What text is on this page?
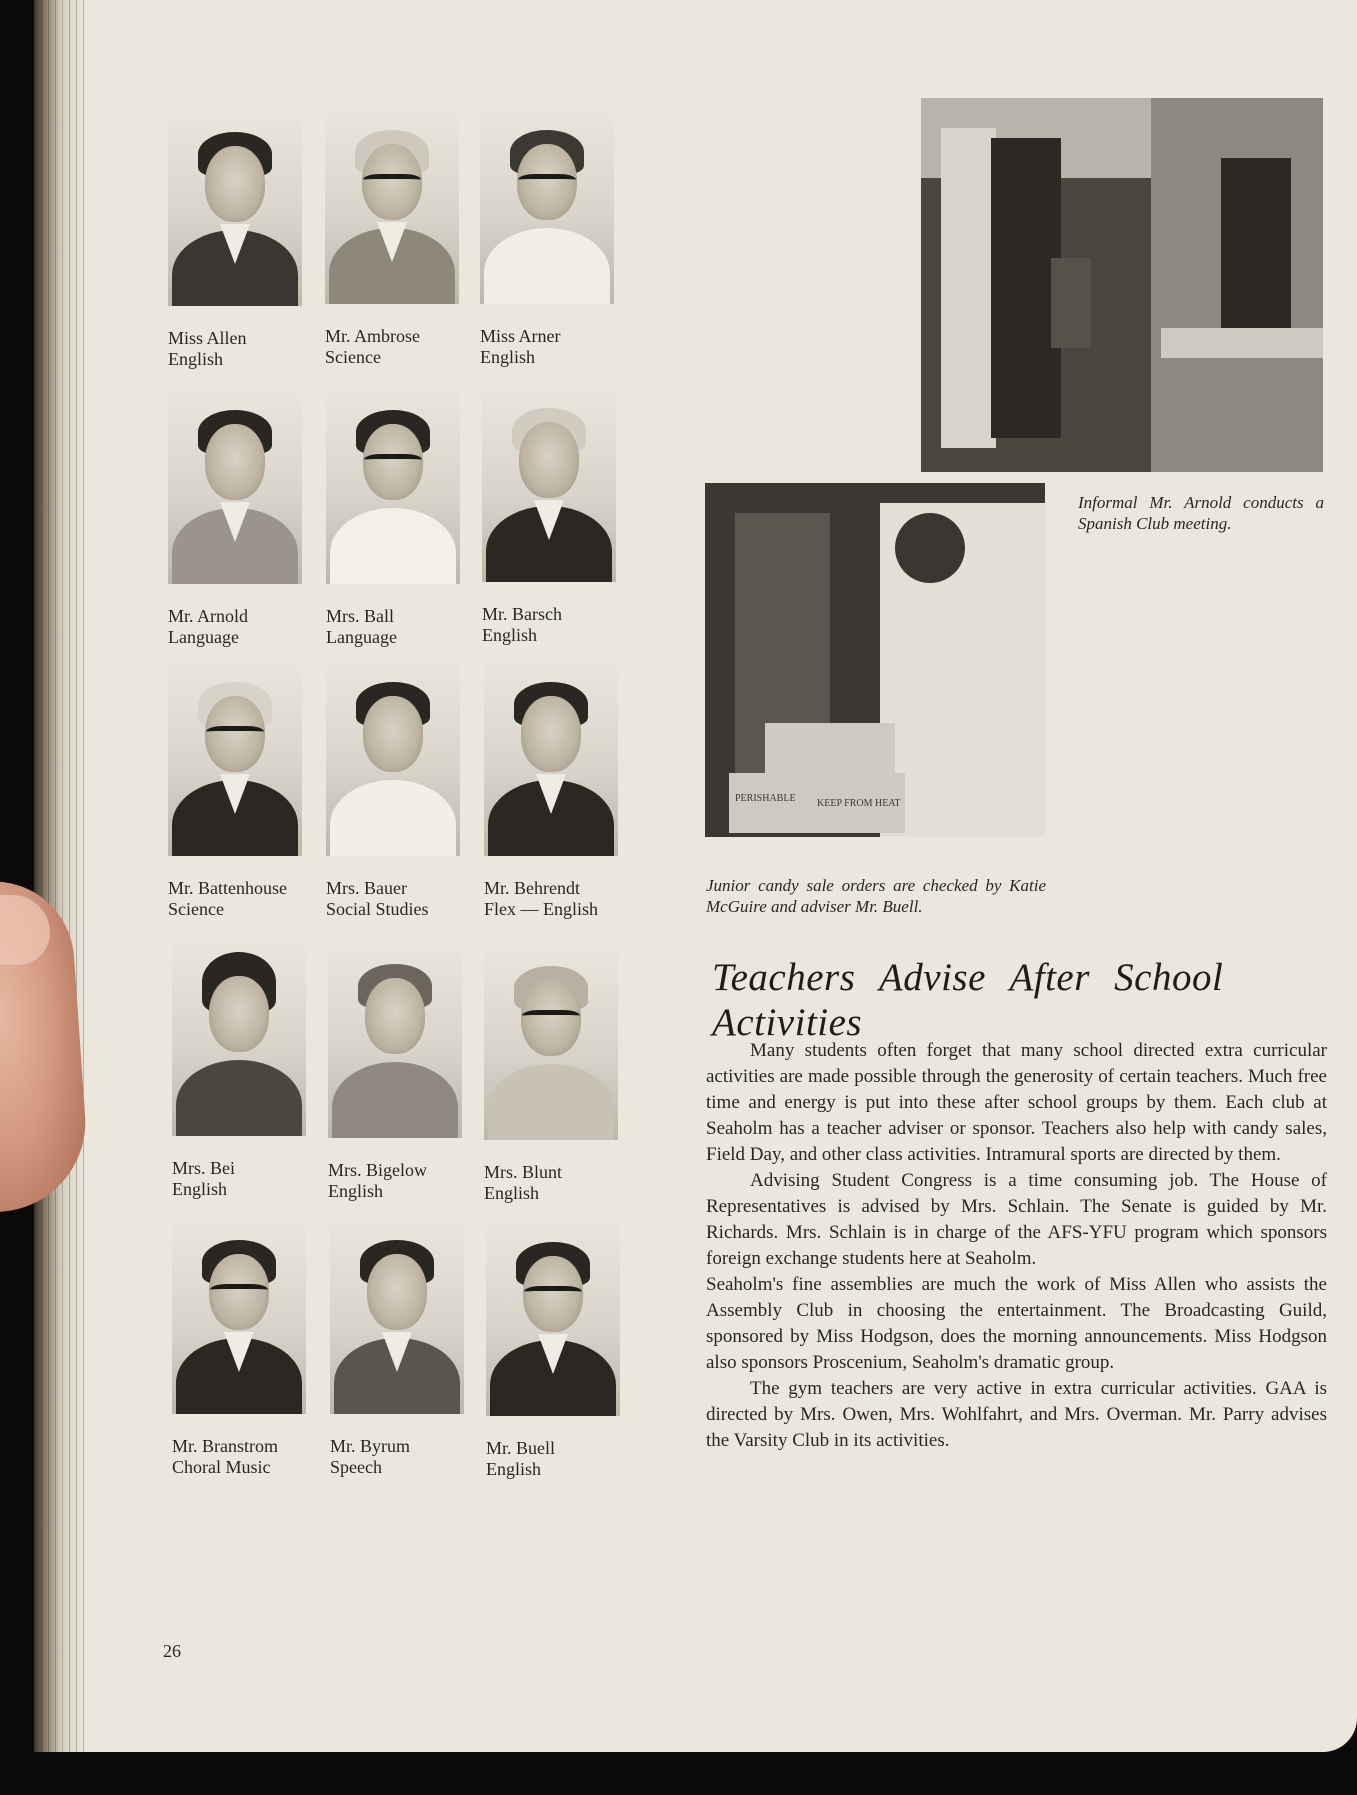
Miss Allen
English
Mr. Ambrose
Science
Miss Arner
English
Mr. Arnold
Language
Mrs. Ball
Language
Mr. Barsch
English
Mr. Battenhouse
Science
Mrs. Bauer
Social Studies
Mr. Behrendt
Flex — English
Mrs. Bei
English
Mrs. Bigelow
English
Mrs. Blunt
English
Mr. Branstrom
Choral Music
Mr. Byrum
Speech
Mr. Buell
English
Informal Mr. Arnold conducts a Spanish Club meeting.
PERISHABLE KEEP FROM HEAT
Junior candy sale orders are checked by Katie McGuire and adviser Mr. Buell.
Teachers Advise After School Activities

Many students often forget that many school directed extra curricular activities are made possible through the generosity of certain teachers. Much free time and energy is put into these after school groups by them. Each club at Seaholm has a teacher adviser or sponsor. Teachers also help with candy sales, Field Day, and other class activities. Intramural sports are directed by them.

Advising Student Congress is a time consuming job. The House of Representatives is advised by Mrs. Schlain. The Senate is guided by Mr. Richards. Mrs. Schlain is in charge of the AFS-YFU program which sponsors foreign exchange students here at Seaholm.

Seaholm's fine assemblies are much the work of Miss Allen who assists the Assembly Club in choosing the entertainment. The Broadcasting Guild, sponsored by Miss Hodgson, does the morning announcements. Miss Hodgson also sponsors Proscenium, Seaholm's dramatic group.

The gym teachers are very active in extra curricular activities. GAA is directed by Mrs. Owen, Mrs. Wohlfahrt, and Mrs. Overman. Mr. Parry advises the Varsity Club in its activities.

26
